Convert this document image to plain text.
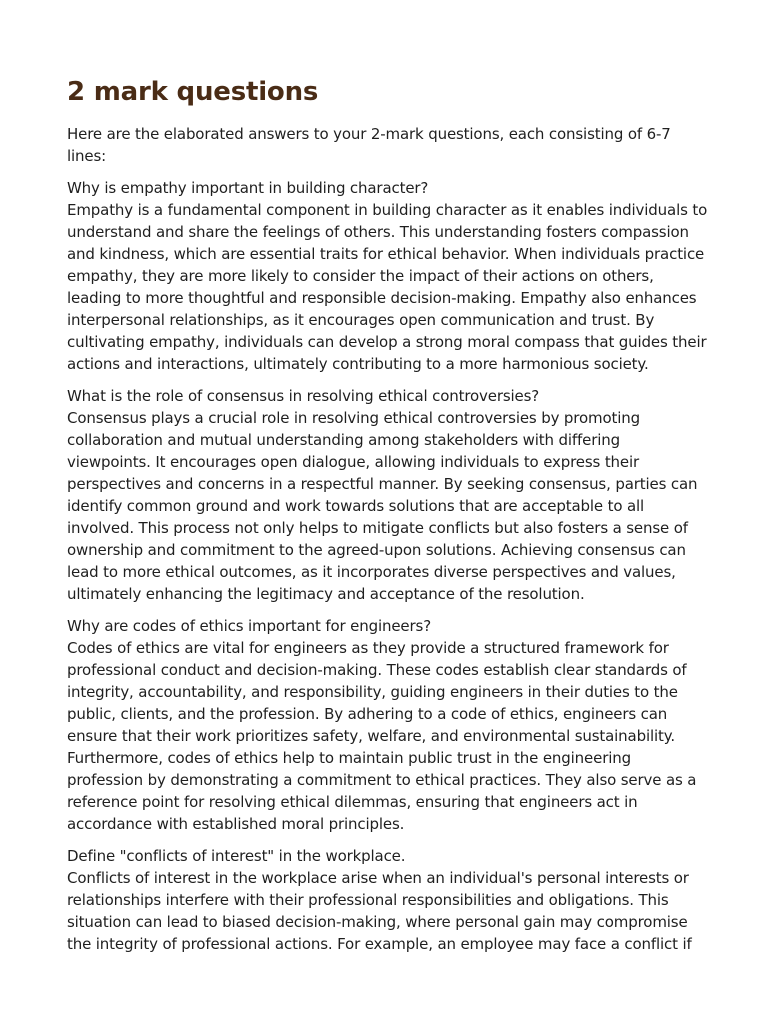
2 mark questions

Here are the elaborated answers to your 2-mark questions, each consisting of 6-7 lines:

Why is empathy important in building character?
Empathy is a fundamental component in building character as it enables individuals to understand and share the feelings of others. This understanding fosters compassion and kindness, which are essential traits for ethical behavior. When individuals practice empathy, they are more likely to consider the impact of their actions on others, leading to more thoughtful and responsible decision-making. Empathy also enhances interpersonal relationships, as it encourages open communication and trust. By cultivating empathy, individuals can develop a strong moral compass that guides their actions and interactions, ultimately contributing to a more harmonious society.
What is the role of consensus in resolving ethical controversies?
Consensus plays a crucial role in resolving ethical controversies by promoting collaboration and mutual understanding among stakeholders with differing viewpoints. It encourages open dialogue, allowing individuals to express their perspectives and concerns in a respectful manner. By seeking consensus, parties can identify common ground and work towards solutions that are acceptable to all involved. This process not only helps to mitigate conflicts but also fosters a sense of ownership and commitment to the agreed-upon solutions. Achieving consensus can lead to more ethical outcomes, as it incorporates diverse perspectives and values, ultimately enhancing the legitimacy and acceptance of the resolution.
Why are codes of ethics important for engineers?
Codes of ethics are vital for engineers as they provide a structured framework for professional conduct and decision-making. These codes establish clear standards of integrity, accountability, and responsibility, guiding engineers in their duties to the public, clients, and the profession. By adhering to a code of ethics, engineers can ensure that their work prioritizes safety, welfare, and environmental sustainability. Furthermore, codes of ethics help to maintain public trust in the engineering profession by demonstrating a commitment to ethical practices. They also serve as a reference point for resolving ethical dilemmas, ensuring that engineers act in accordance with established moral principles.
Define "conflicts of interest" in the workplace.
Conflicts of interest in the workplace arise when an individual's personal interests or relationships interfere with their professional responsibilities and obligations. This situation can lead to biased decision-making, where personal gain may compromise the integrity of professional actions. For example, an employee may face a conflict if
